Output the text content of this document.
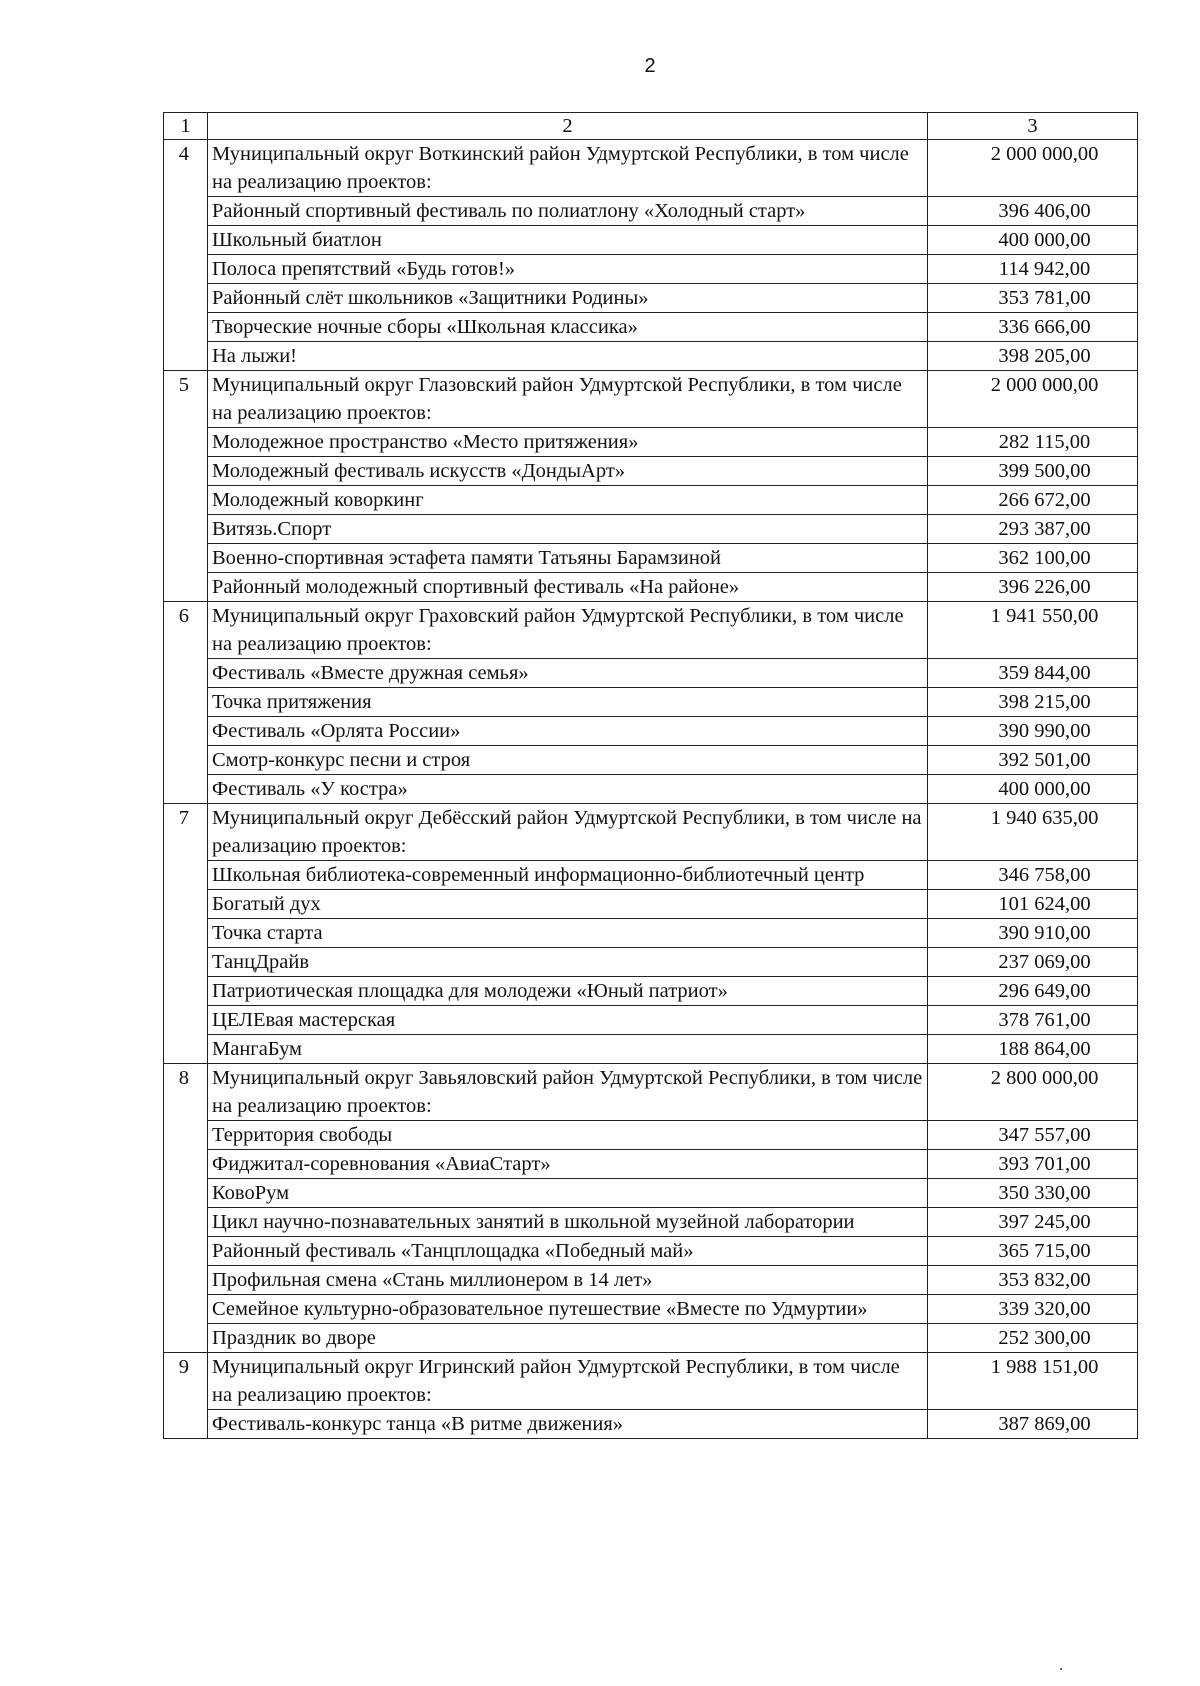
2
1	2	3
4	Муниципальный округ Воткинский район Удмуртской Республики, в том числе на реализацию проектов:	2 000 000,00
	Районный спортивный фестиваль по полиатлону «Холодный старт»	396 406,00
	Школьный биатлон	400 000,00
	Полоса препятствий «Будь готов!»	114 942,00
	Районный слёт школьников «Защитники Родины»	353 781,00
	Творческие ночные сборы «Школьная классика»	336 666,00
	На лыжи!	398 205,00
5	Муниципальный округ Глазовский район Удмуртской Республики, в том числе на реализацию проектов:	2 000 000,00
	Молодежное пространство «Место притяжения»	282 115,00
	Молодежный фестиваль искусств «ДондыАрт»	399 500,00
	Молодежный коворкинг	266 672,00
	Витязь.Спорт	293 387,00
	Военно-спортивная эстафета памяти Татьяны Барамзиной	362 100,00
	Районный молодежный спортивный фестиваль «На районе»	396 226,00
6	Муниципальный округ Граховский район Удмуртской Республики, в том числе на реализацию проектов:	1 941 550,00
	Фестиваль «Вместе дружная семья»	359 844,00
	Точка притяжения	398 215,00
	Фестиваль «Орлята России»	390 990,00
	Смотр-конкурс песни и строя	392 501,00
	Фестиваль «У костра»	400 000,00
7	Муниципальный округ Дебёсский район Удмуртской Республики, в том числе на реализацию проектов:	1 940 635,00
	Школьная библиотека-современный информационно-библиотечный центр	346 758,00
	Богатый дух	101 624,00
	Точка старта	390 910,00
	ТанцДрайв	237 069,00
	Патриотическая площадка для молодежи «Юный патриот»	296 649,00
	ЦЕЛЕвая мастерская	378 761,00
	МангаБум	188 864,00
8	Муниципальный округ Завьяловский район Удмуртской Республики, в том числе на реализацию проектов:	2 800 000,00
	Территория свободы	347 557,00
	Фиджитал-соревнования «АвиаСтарт»	393 701,00
	КовоРум	350 330,00
	Цикл научно-познавательных занятий в школьной музейной лаборатории	397 245,00
	Районный фестиваль «Танцплощадка «Победный май»	365 715,00
	Профильная смена «Стань миллионером в 14 лет»	353 832,00
	Семейное культурно-образовательное путешествие «Вместе по Удмуртии»	339 320,00
	Праздник во дворе	252 300,00
9	Муниципальный округ Игринский район Удмуртской Республики, в том числе на реализацию проектов:	1 988 151,00
	Фестиваль-конкурс танца «В ритме движения»	387 869,00
